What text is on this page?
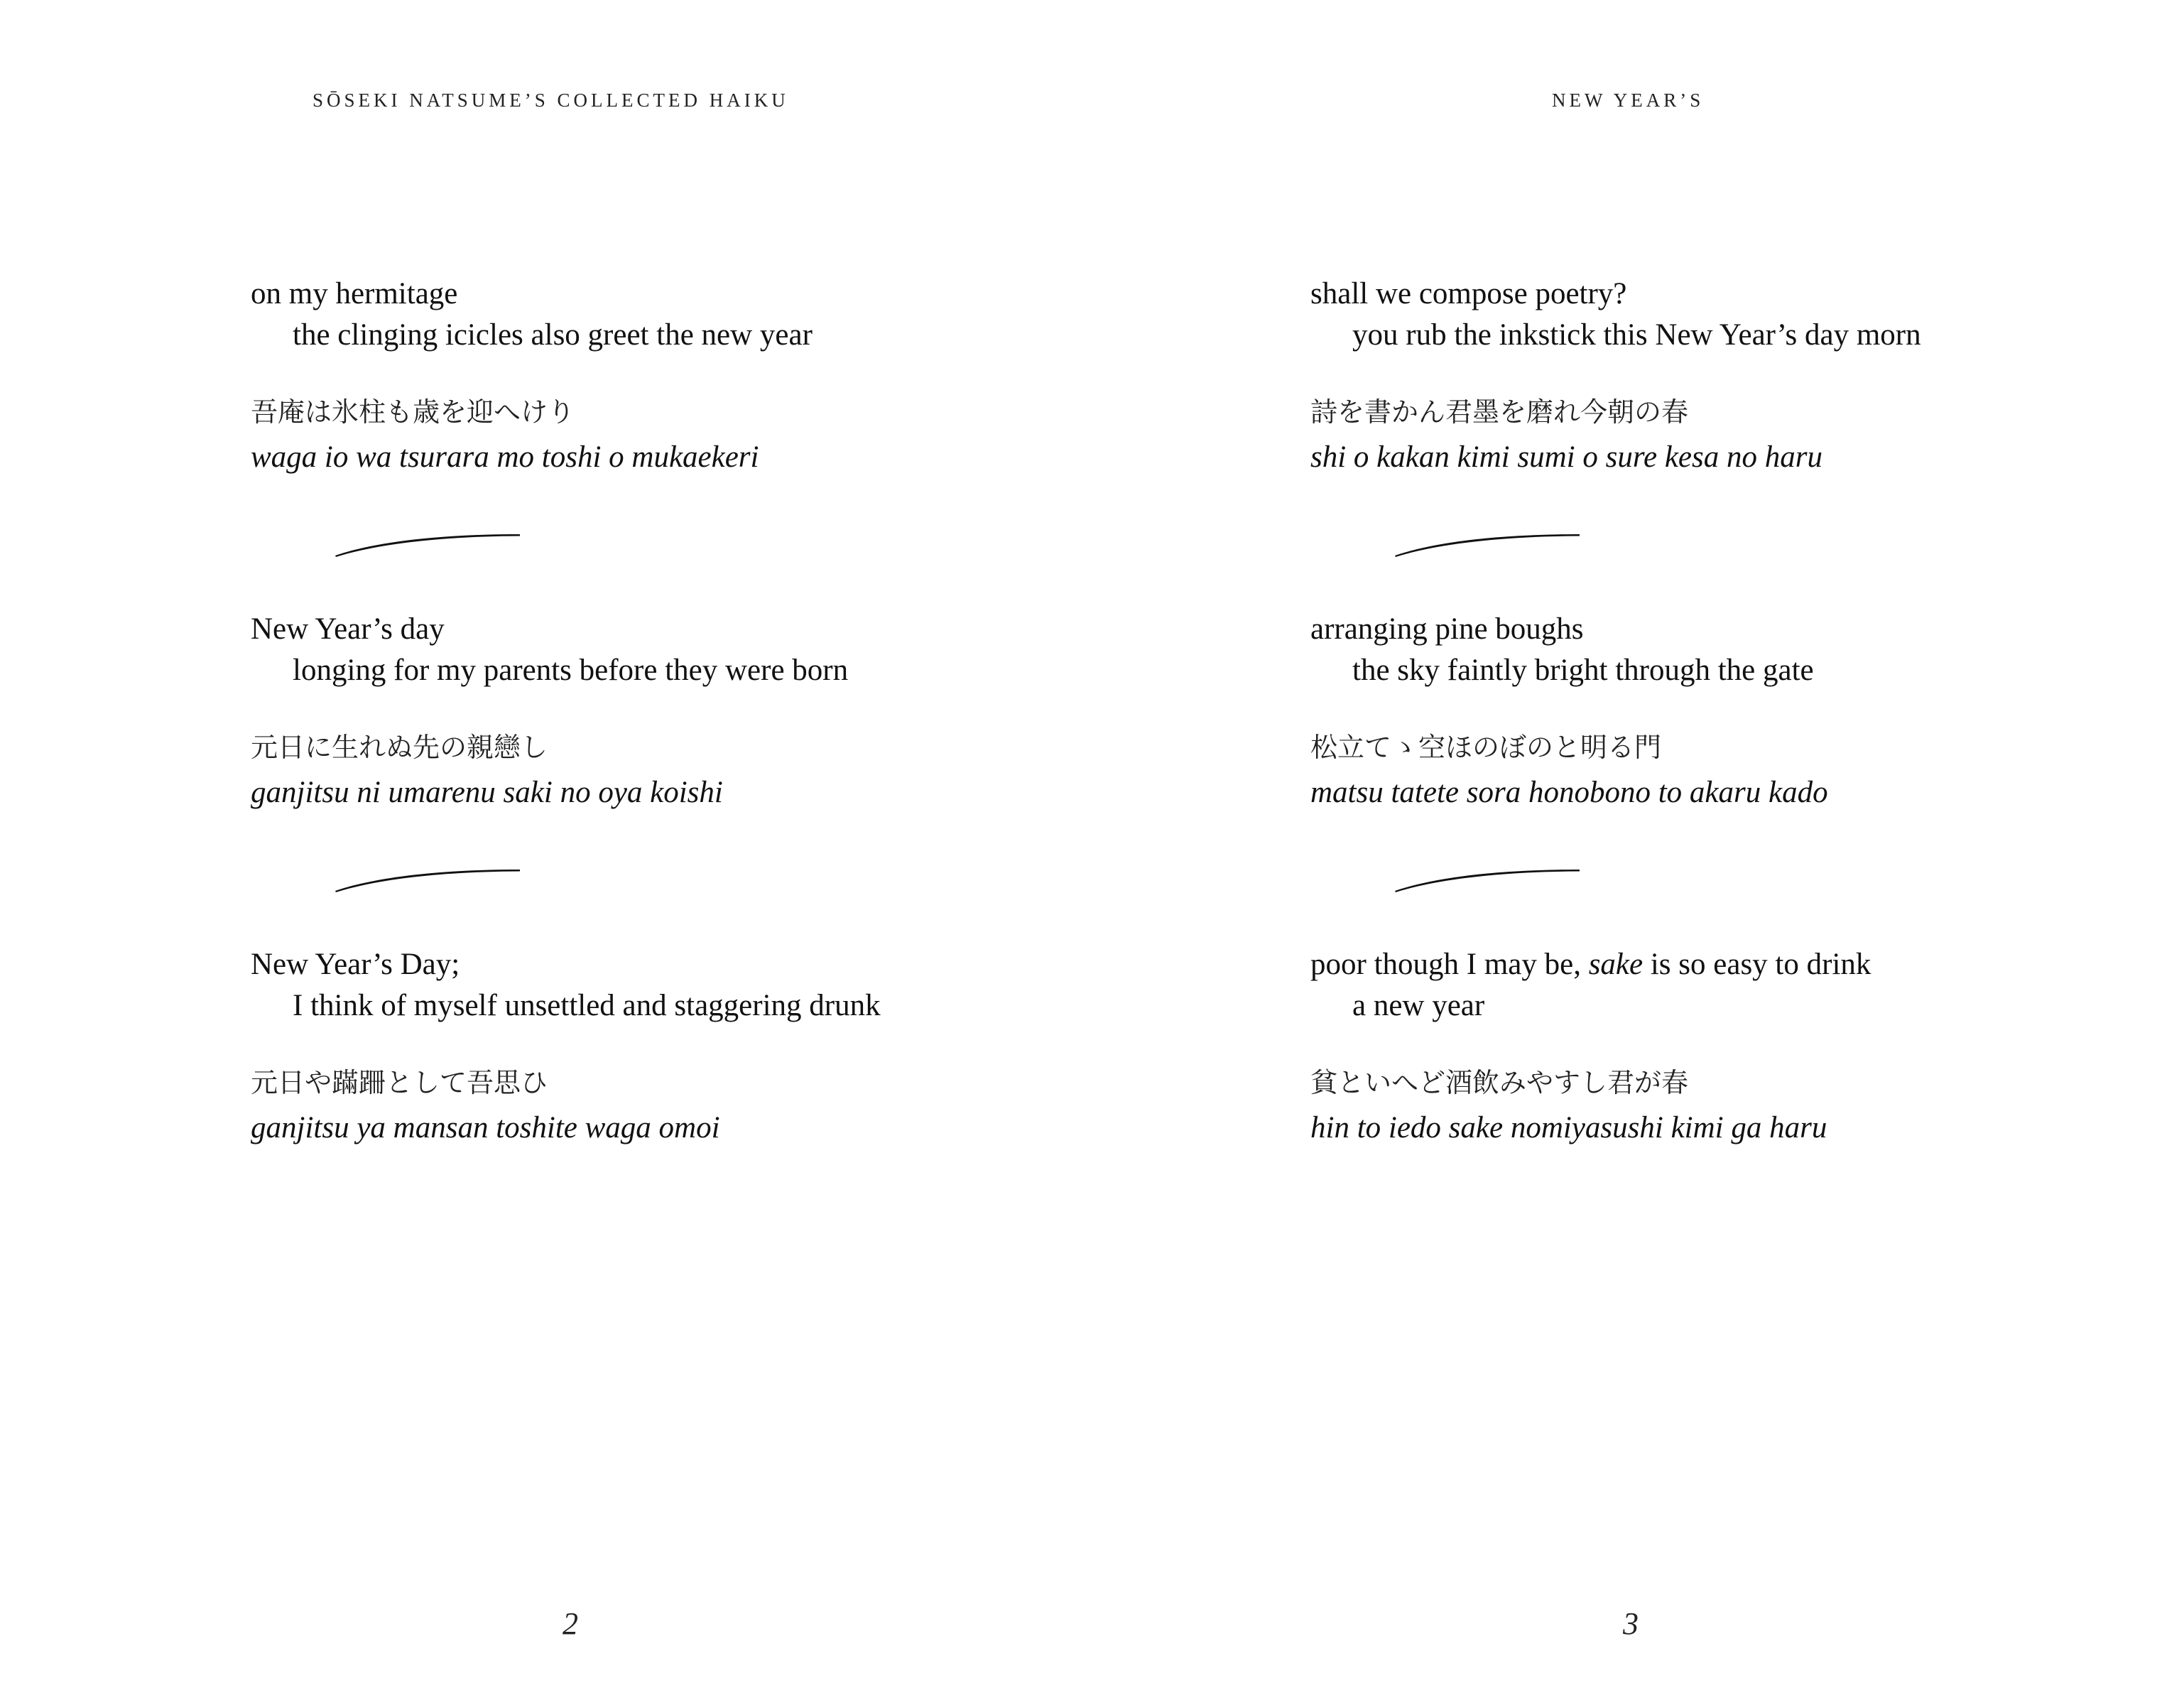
SŌSEKI NATSUME’S COLLECTED HAIKU
on my hermitage
the clinging icicles also greet the new year
吾庵は氷柱も歳を迎へけり
waga io wa tsurara mo toshi o mukaekeri
New Year’s day
longing for my parents before they were born
元日に生れぬ先の親戀し
ganjitsu ni umarenu saki no oya koishi
New Year’s Day;
I think of myself unsettled and staggering drunk
元日や蹣跚として吾思ひ
ganjitsu ya mansan toshite waga omoi
2
NEW YEAR’S
shall we compose poetry?
you rub the inkstick this New Year’s day morn
詩を書かん君墨を磨れ今朝の春
shi o kakan kimi sumi o sure kesa no haru
arranging pine boughs
the sky faintly bright through the gate
松立てゝ空ほのぼのと明る門
matsu tatete sora honobono to akaru kado
poor though I may be, sake is so easy to drink
a new year
貧といへど酒飲みやすし君が春
hin to iedo sake nomiyasushi kimi ga haru
3
